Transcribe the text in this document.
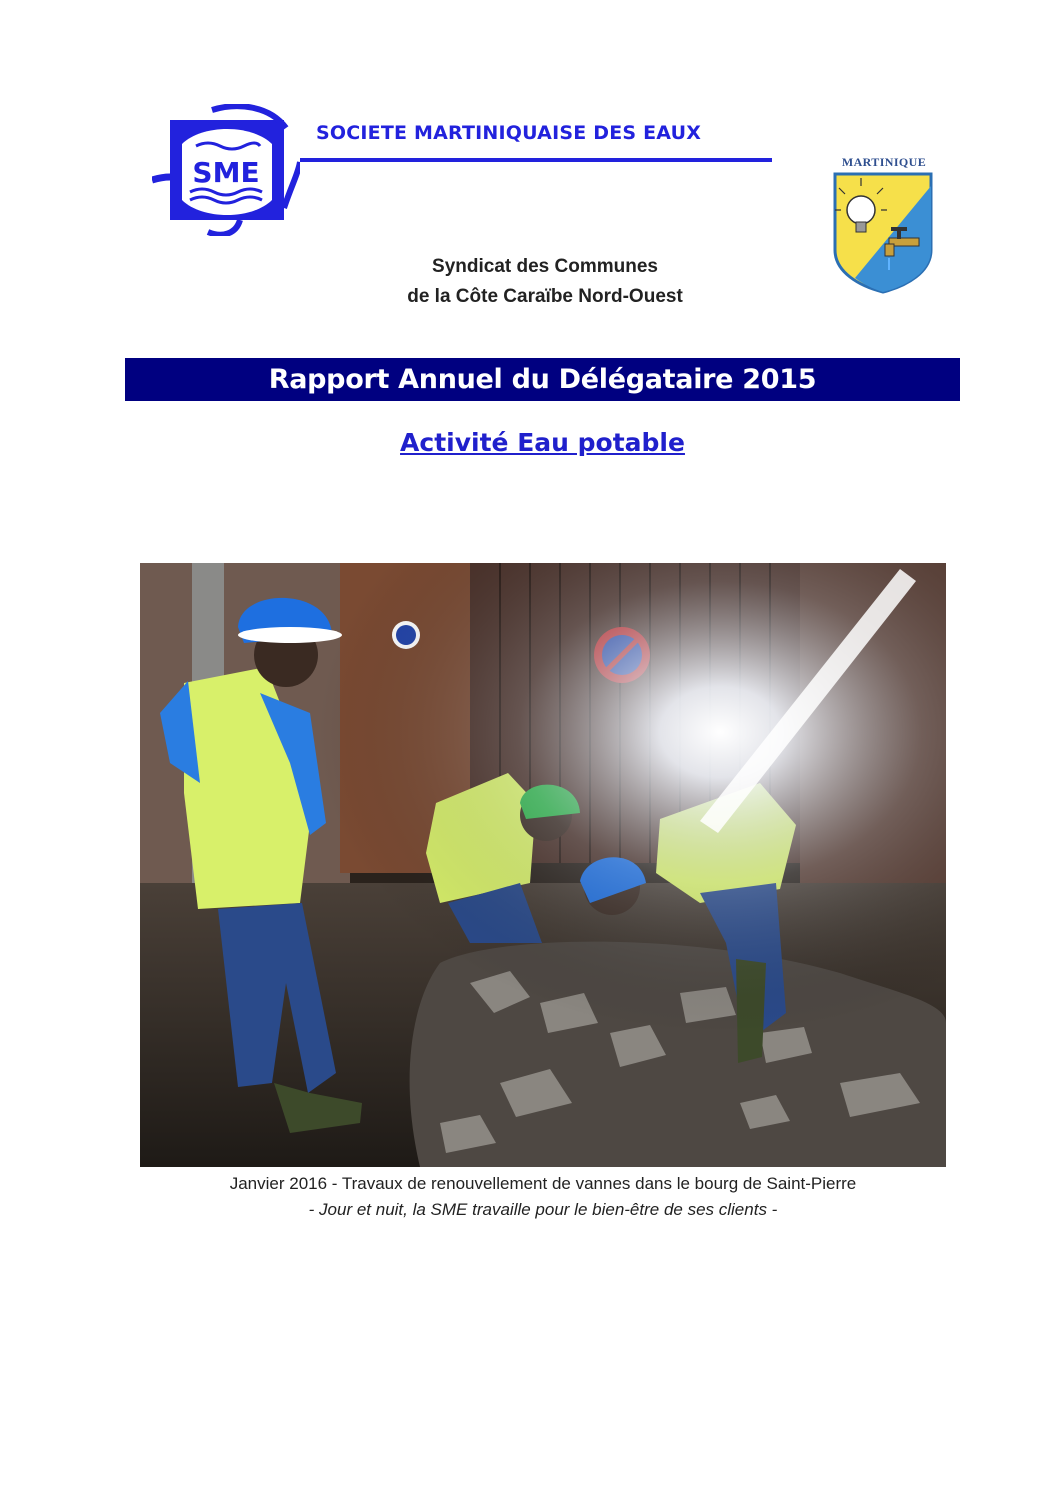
SME
SOCIETE MARTINIQUAISE DES EAUX
MARTINIQUE
Syndicat des Communes
de la Côte Caraïbe Nord-Ouest
Rapport Annuel du Délégataire 2015
Activité Eau potable
Janvier 2016 - Travaux de renouvellement de vannes dans le bourg de Saint-Pierre
- Jour et nuit, la SME travaille pour le bien-être de ses clients -
